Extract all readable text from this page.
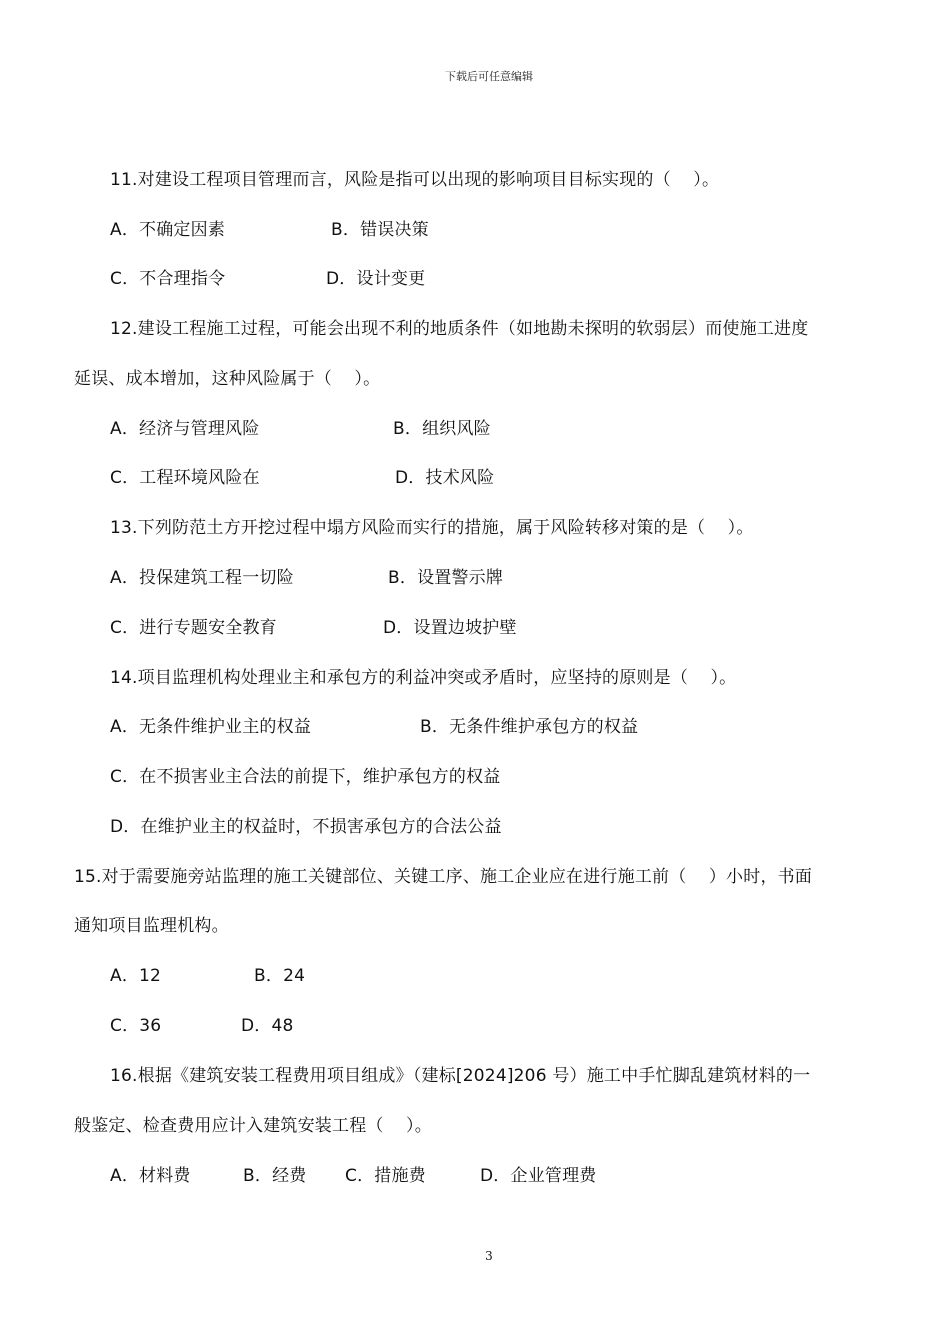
下载后可任意编辑
11.对建设工程项目管理而言，风险是指可以出现的影响项目目标实现的（    ）。
A．不确定因素	B．错误决策
C．不合理指令	D．设计变更
12.建设工程施工过程，可能会出现不利的地质条件（如地勘未探明的软弱层）而使施工进度
延误、成本增加，这种风险属于（    ）。
A．经济与管理风险	B．组织风险
C．工程环境风险在	D．技术风险
13.下列防范土方开挖过程中塌方风险而实行的措施，属于风险转移对策的是（    ）。
A．投保建筑工程一切险	B．设置警示牌
C．进行专题安全教育	D．设置边坡护壁
14.项目监理机构处理业主和承包方的利益冲突或矛盾时，应坚持的原则是（    ）。
A．无条件维护业主的权益	B．无条件维护承包方的权益
C．在不损害业主合法的前提下，维护承包方的权益
D．在维护业主的权益时，不损害承包方的合法公益
15.对于需要施旁站监理的施工关键部位、关键工序、施工企业应在进行施工前（    ）小时，书面
通知项目监理机构。
A．12	B．24
C．36	D．48
16.根据《建筑安装工程费用项目组成》（建标[2024]206 号）施工中手忙脚乱建筑材料的一
般鉴定、检查费用应计入建筑安装工程（    ）。
A．材料费	B．经费 C．措施费	D．企业管理费
3
